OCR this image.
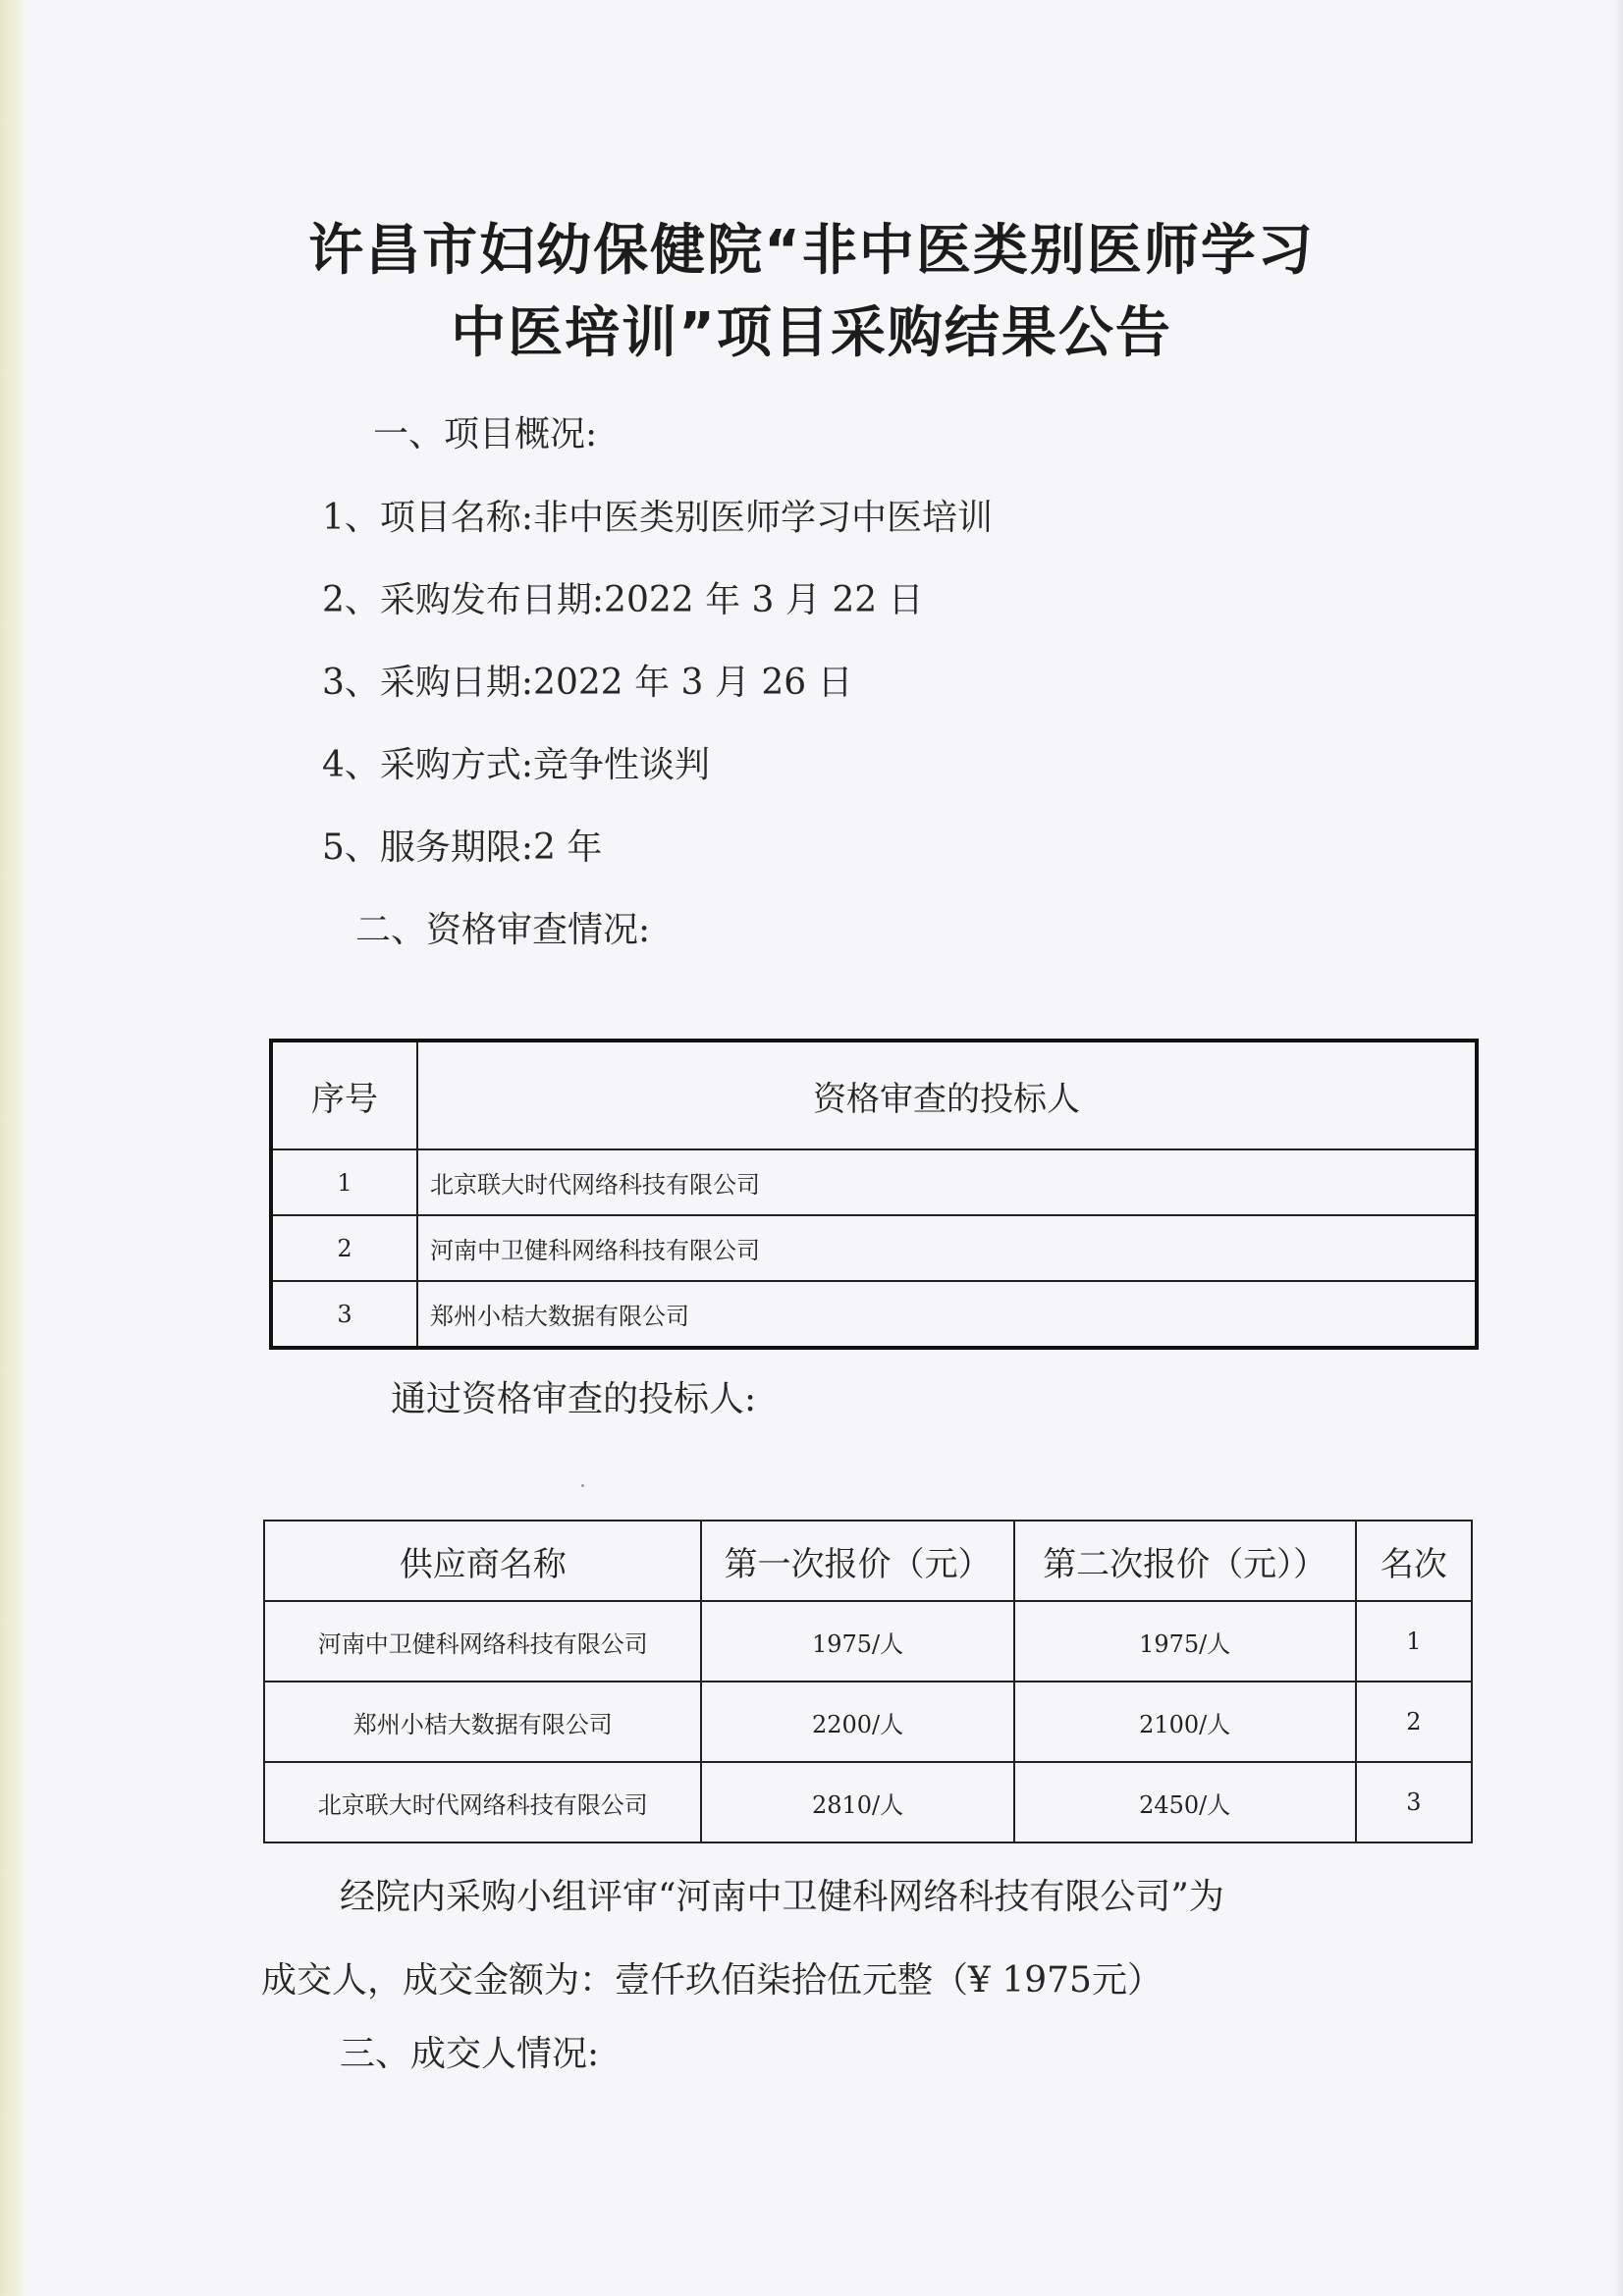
许昌市妇幼保健院“非中医类别医师学习
中医培训”项目采购结果公告
一、项目概况:
1、项目名称:非中医类别医师学习中医培训
2、采购发布日期:2022 年 3 月 22 日
3、采购日期:2022 年 3 月 26 日
4、采购方式:竞争性谈判
5、服务期限:2 年
二、资格审查情况:
序号	资格审查的投标人
1	北京联大时代网络科技有限公司
2	河南中卫健科网络科技有限公司
3	郑州小桔大数据有限公司
通过资格审查的投标人:
供应商名称	第一次报价（元）	第二次报价（元））	名次
河南中卫健科网络科技有限公司	1975/人	1975/人	1
郑州小桔大数据有限公司	2200/人	2100/人	2
北京联大时代网络科技有限公司	2810/人	2450/人	3
经院内采购小组评审“河南中卫健科网络科技有限公司”为
成交人，成交金额为：壹仟玖佰柒拾伍元整（¥ 1975元）
三、成交人情况:
